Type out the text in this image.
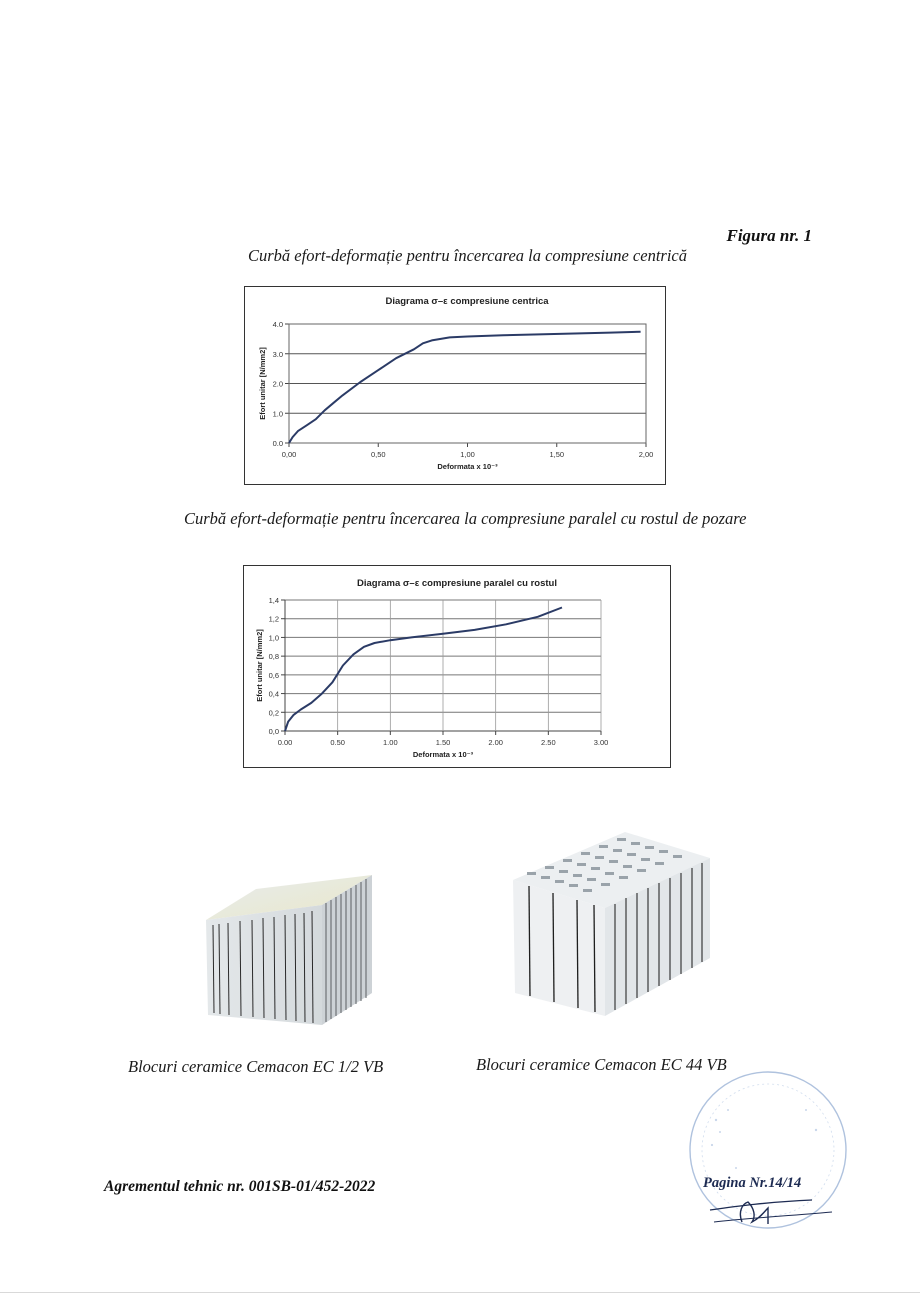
Figura nr. 1
Curbă efort-deformație pentru încercarea la compresiune centrică
Diagrama σ–ε compresiune centrica
0.0
1.0
2.0
3.0
4.0
0,00	0,50	1,00	1,50	2,00
Deformata x 10⁻³
Efort unitar [N/mm2]
Curbă efort-deformație pentru încercarea la compresiune paralel cu rostul de pozare
Diagrama σ–ε compresiune paralel cu rostul
0,0
0,2
0,4
0,6
0,8
1,0
1,2
1,4
0.00	0.50	1.00	1.50	2.00	2.50	3.00
Deformata x 10⁻³
Efort unitar [N/mm2]
Blocuri ceramice Cemacon EC 1/2 VB	Blocuri ceramice Cemacon EC 44 VB
Agrementul tehnic nr. 001SB-01/452-2022	Pagina Nr.14/14
